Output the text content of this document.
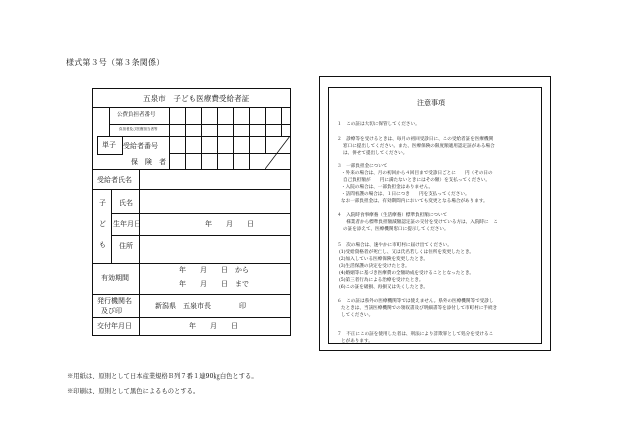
様式第３号（第３条関係）
五泉市　子ども医療費受給者証
公費負担者番号
負担者及び医療担当者等
受給者番号
保　険　者
単子
受給者氏名
子
ど
も
氏名
生年月日	年　　月　　日
住所
有効期間
年　　月　　日　から
年　　月　　日　まで
発行機関名
及び印
新潟県　五泉市長　　　　印
交付年月日	年　　月　　日
注意事項
１　この証は大切に保管してください。
２　診療等を受けるときは、毎月の初回受診日に、この受給者証を医療機関
窓口に提出してください。また、医療保険の限度額適用認定証がある場合
は、併せて提出してください。
３　一部負担金について
・外来の場合は、月の初回から４回目まで受診日ごとに　　円（その日の
自己負担額が　　円に満たないときにはその額）を支払ってください。
・入院の場合は、一部負担金はありません。
・訪問看護の場合は、１日につき　　円を支払ってください。
なお一部負担金は、有効期間内においても変更となる場合があります。
４　入院時食事療養（生活療養）標準負担額について
　　様業者から標準負担額減額認定証の交付を受けている方は、入院時に　こ
の証を添えて、医療機関窓口に提示してください。
５　次の場合は、速やかに市町村に届け出てください。
(1)受給資格者が死亡し、又は氏名若しくは住所を変更したとき。
(2)加入している医療保険を変更したとき。
(3)生活保護の決定を受けたとき。
(4)婚姻等に基づき医療費の全額助成を受けることとなったとき。
(5)第三者行為による治療を受けたとき。
(6)この証を破損、再損又は失くしたとき。
６　この証は県外の医療機関等では使えません。県外の医療機関等で受診し
たときは、当該医療機関での領収書及び明細書等を添付して市町村に手続き
してください。
７　不正にこの証を使用した者は、刑法により詐欺罪として処分を受けるこ
とがあります。
※用紙は、原則として日本産業規格Ｂ列７番１連90㎏白色とする。
※印刷は、原則として黒色によるものとする。
